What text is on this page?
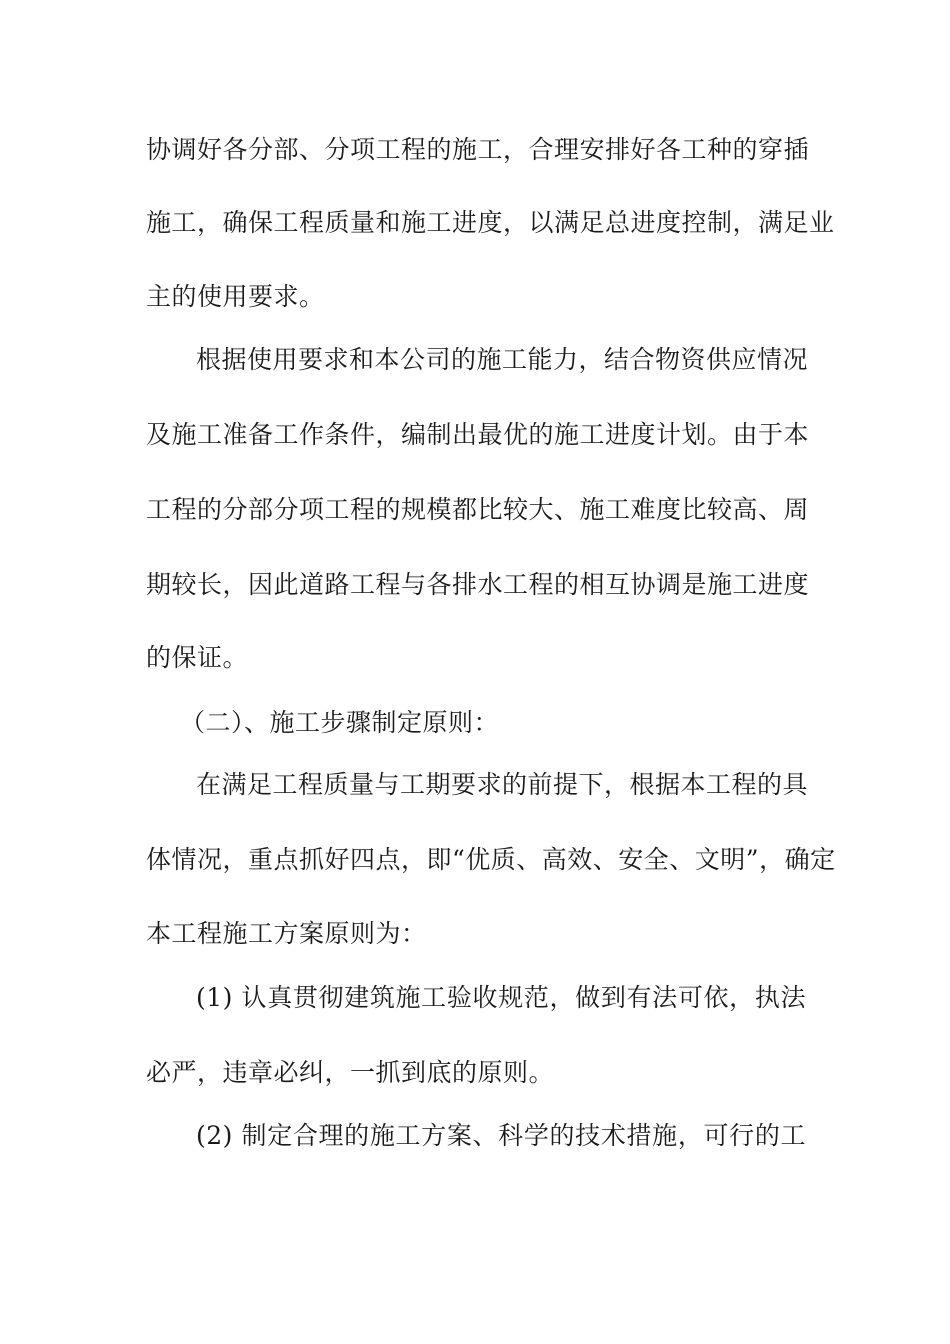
协调好各分部、分项工程的施工，合理安排好各工种的穿插
施工，确保工程质量和施工进度，以满足总进度控制，满足业
主的使用要求。
根据使用要求和本公司的施工能力，结合物资供应情况
及施工准备工作条件，编制出最优的施工进度计划。由于本
工程的分部分项工程的规模都比较大、施工难度比较高、周
期较长，因此道路工程与各排水工程的相互协调是施工进度
的保证。
（二）、施工步骤制定原则：
在满足工程质量与工期要求的前提下，根据本工程的具
体情况，重点抓好四点，即“优质、高效、安全、文明”，确定
本工程施工方案原则为：
(1) 认真贯彻建筑施工验收规范，做到有法可依，执法
必严，违章必纠，一抓到底的原则。
(2) 制定合理的施工方案、科学的技术措施，可行的工
